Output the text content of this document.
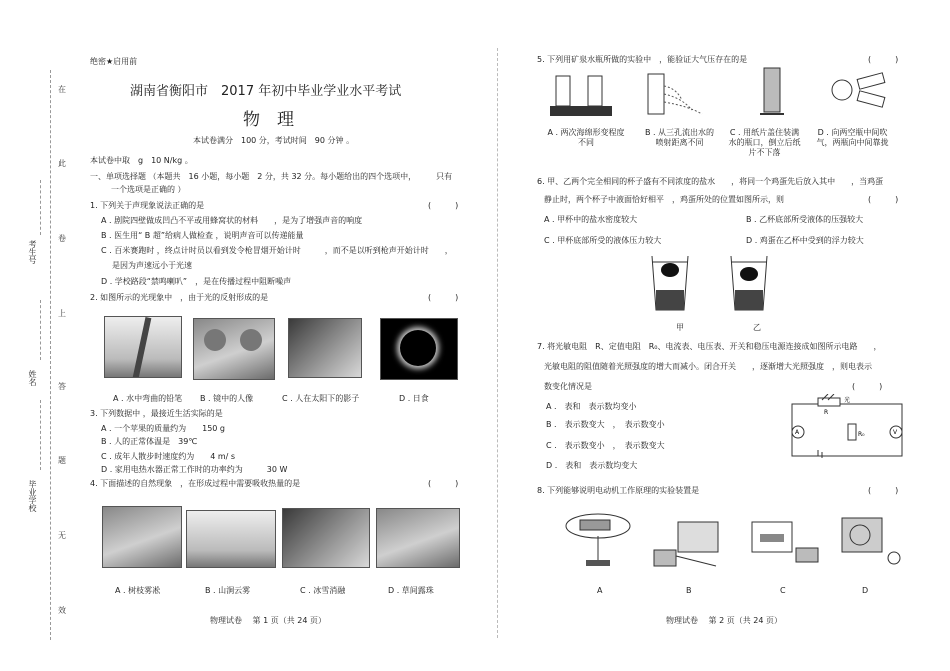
绝密★启用前
在
此
卷
上
答
题
无
效
考生号
姓名
毕业学校
湖南省衡阳市　2017 年初中毕业学业水平考试
物　理
本试卷满分　100 分，考试时间　90 分钟 。
本试卷中取　g　10 N/kg 。
一、单项选择题 （本题共　16 小题，每小题　2 分，共 32 分。每小题给出的四个选项中，　　　只有
一个选项是正确的 ）
1. 下列关于声现象说法正确的是	(　　　)
A . 剧院四壁做成凹凸不平或用蜂窝状的材料　　，是为了增强声音的响度
B . 医生用“ B 超”给病人做检查 ，说明声音可以传递能量
C . 百米赛跑时 ，终点计时员以看到发令枪冒烟开始计时　　　，而不是以听到枪声开始计时　　，
是因为声速远小于光速
D . 学校路段“禁鸣喇叭”　，是在传播过程中阻断噪声
2. 如图所示的光现象中　，由于光的反射形成的是	(　　　)
A . 水中弯曲的铅笔 B . 镜中的人像	C . 人在太阳下的影子	D . 日食
3. 下列数据中 ，最接近生活实际的是
A . 一个苹果的质量约为　　150 g
B . 人的正常体温是　39℃
C . 成年人散步时速度约为　　4 m/ s
D . 家用电热水器正常工作时的功率约为　　　30 W
4. 下面描述的自然现象　，在形成过程中需要吸收热量的是	(　　　)
A . 树枝雾凇	B . 山涧云雾	C . 冰雪消融	D . 草间露珠
物理试卷　 第 1 页（共 24 页）
5. 下列用矿泉水瓶所做的实验中　，能验证大气压存在的是	(　　　)
A . 两次海绵形变程度不同
B . 从三孔流出水的喷射距离不同
C . 用纸片盖住装满水的瓶口，倒立后纸片不下落
D . 向两空瓶中间吹气，两瓶向中间靠拢
6. 甲、乙两个完全相同的杯子盛有不同浓度的盐水　　，将同一个鸡蛋先后放入其中　　，当鸡蛋
静止时，两个杯子中液面恰好相平　，鸡蛋所处的位置如图所示，则	(　　　)
A . 甲杯中的盐水密度较大	B . 乙杯底部所受液体的压强较大
C . 甲杯底部所受的液体压力较大	D . 鸡蛋在乙杯中受到的浮力较大
甲	乙
7. 将光敏电阻　R、定值电阻　R₀、电流表、电压表、开关和稳压电源连接成如图所示电路　　，
光敏电阻的阻值随着光照强度的增大而减小。闭合开关　　，逐渐增大光照强度　，则电表示
数变化情况是	(　　　)
A .　表和　表示数均变小
B .　表示数变大　，　表示数变小
C .　表示数变小　，　表示数变大
D .　表和　表示数均变大
光
R
A	R₀	V
8. 下列能够说明电动机工作原理的实验装置是	(　　　)
A	B	C	D
物理试卷　 第 2 页（共 24 页）
